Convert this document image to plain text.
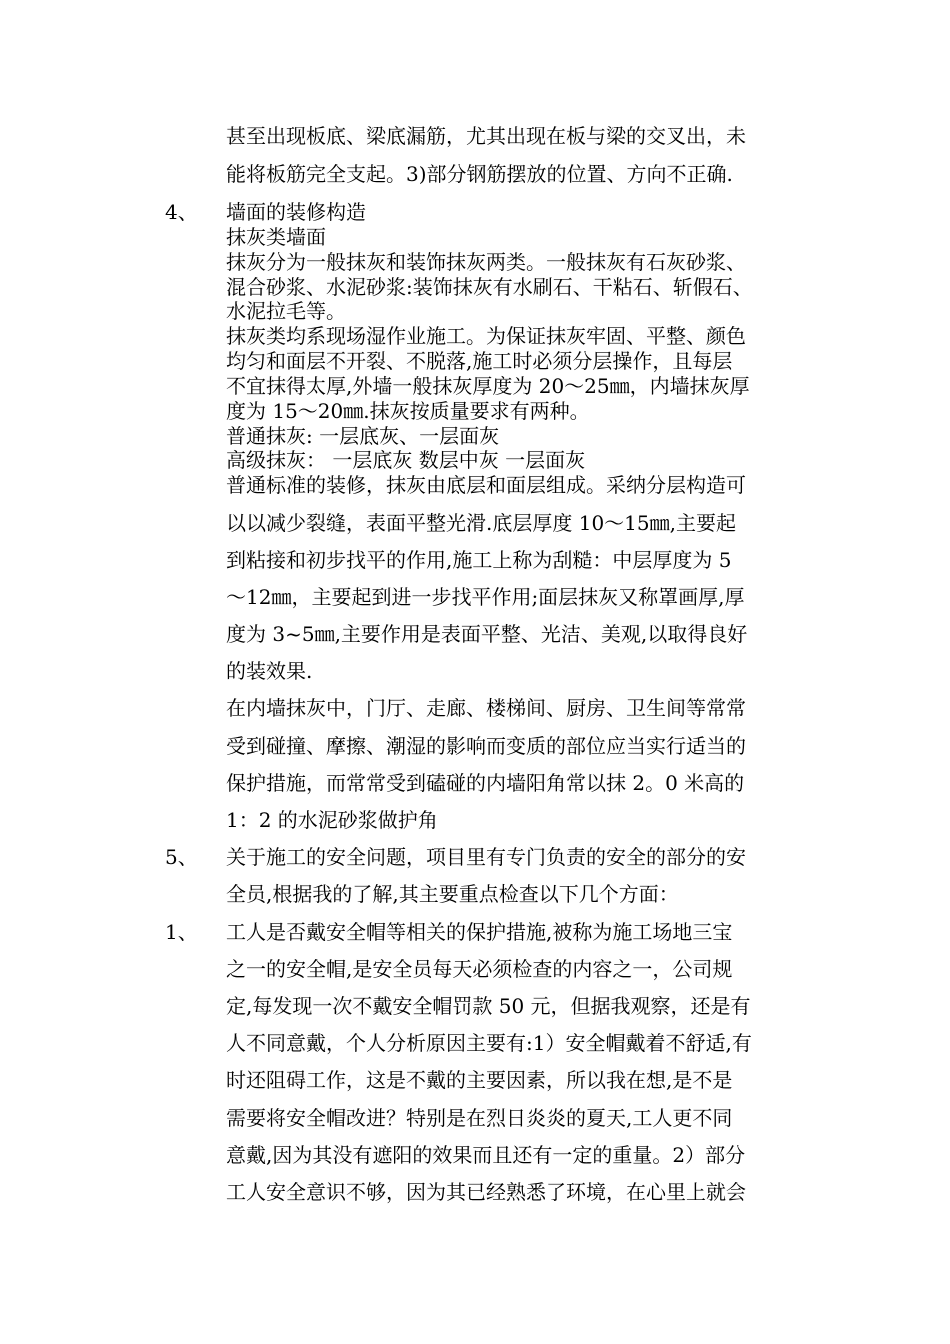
甚至出现板底、梁底漏筋，尤其出现在板与梁的交叉出，未
能将板筋完全支起。3)部分钢筋摆放的位置、方向不正确.
4、 墙面的装修构造
抹灰类墙面
抹灰分为一般抹灰和装饰抹灰两类。一般抹灰有石灰砂浆、
混合砂浆、水泥砂浆:装饰抹灰有水刷石、干粘石、斩假石、
水泥拉毛等。
抹灰类均系现场湿作业施工。为保证抹灰牢固、平整、颜色
均匀和面层不开裂、不脱落,施工时必须分层操作，且每层
不宜抹得太厚,外墙一般抹灰厚度为 20～25㎜，内墙抹灰厚
度为 15～20㎜.抹灰按质量要求有两种。
普通抹灰: 一层底灰、一层面灰
高级抹灰： 一层底灰 数层中灰 一层面灰
普通标准的装修，抹灰由底层和面层组成。采纳分层构造可
以以减少裂缝，表面平整光滑.底层厚度 10～15㎜,主要起
到粘接和初步找平的作用,施工上称为刮糙：中层厚度为 5
～12㎜，主要起到进一步找平作用;面层抹灰又称罩画厚,厚
度为 3~5㎜,主要作用是表面平整、光洁、美观,以取得良好
的装效果.
在内墙抹灰中，门厅、走廊、楼梯间、厨房、卫生间等常常
受到碰撞、摩擦、潮湿的影响而变质的部位应当实行适当的
保护措施，而常常受到磕碰的内墙阳角常以抹 2。0 米高的
1：2 的水泥砂浆做护角
5、 关于施工的安全问题，项目里有专门负责的安全的部分的安
全员,根据我的了解,其主要重点检查以下几个方面：
1、 工人是否戴安全帽等相关的保护措施,被称为施工场地三宝
之一的安全帽,是安全员每天必须检查的内容之一，公司规
定,每发现一次不戴安全帽罚款 50 元，但据我观察，还是有
人不同意戴，个人分析原因主要有:1）安全帽戴着不舒适,有
时还阻碍工作，这是不戴的主要因素，所以我在想,是不是
需要将安全帽改进？特别是在烈日炎炎的夏天,工人更不同
意戴,因为其没有遮阳的效果而且还有一定的重量。2）部分
工人安全意识不够，因为其已经熟悉了环境，在心里上就会
